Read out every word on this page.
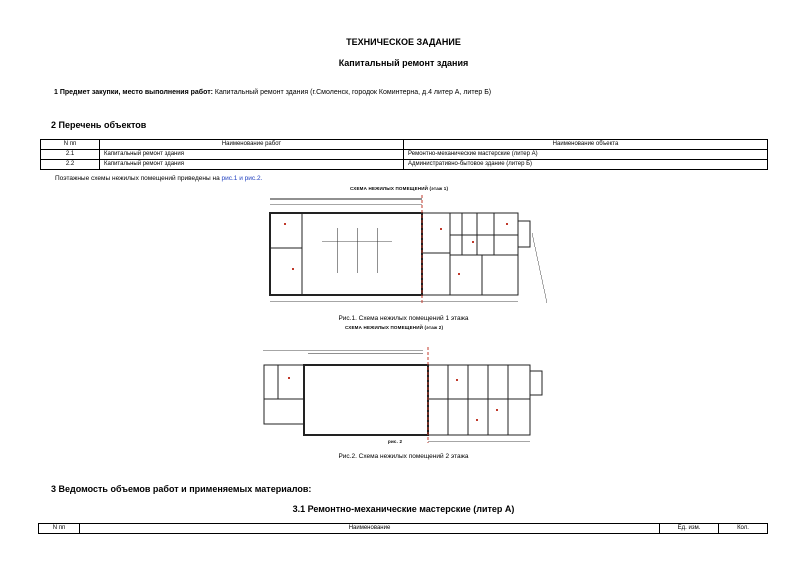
ТЕХНИЧЕСКОЕ ЗАДАНИЕ
Капитальный ремонт здания
1 Предмет закупки, место выполнения работ: Капитальный ремонт здания (г.Смоленск, городок Коминтерна, д.4 литер А, литер Б)
2 Перечень объектов
N пп	Наименование работ	Наименование объекта
2.1	Капитальный ремонт здания	Ремонтно-механические мастерские (литер А)
2.2	Капитальный ремонт здания	Административно-бытовое здание (литер Б)
Поэтажные схемы нежилых помещений приведены на рис.1 и рис.2.
СХЕМА НЕЖИЛЫХ ПОМЕЩЕНИЙ (этаж 1)
Рис.1. Схема нежилых помещений 1 этажа
СХЕМА НЕЖИЛЫХ ПОМЕЩЕНИЙ (этаж 2)
рис. 2
Рис.2. Схема нежилых помещений 2 этажа
3 Ведомость объемов работ и применяемых материалов:
3.1 Ремонтно-механические мастерские (литер А)
N пп	Наименование	Ед. изм.	Кол.
